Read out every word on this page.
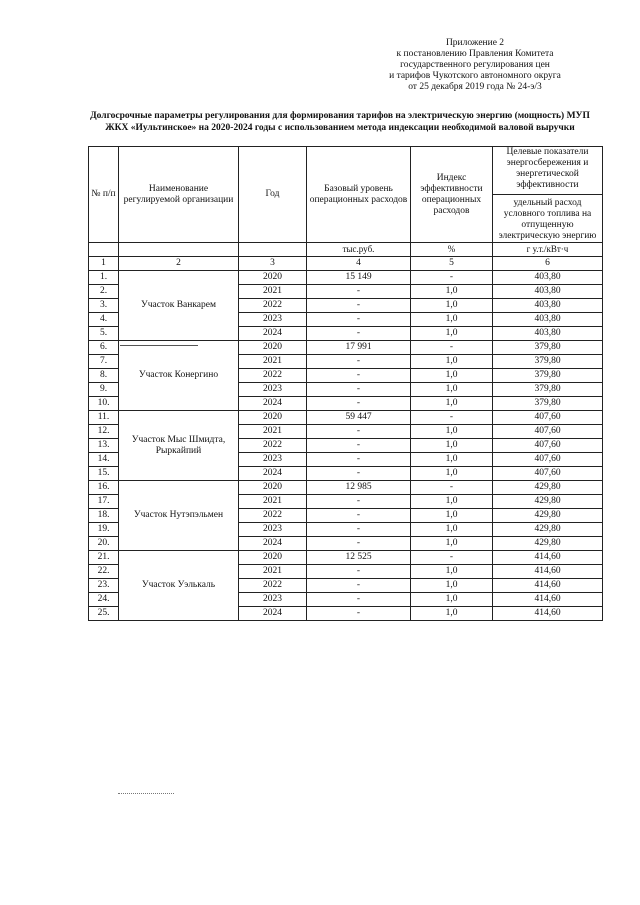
Приложение 2
к постановлению Правления Комитета
государственного регулирования цен
и тарифов Чукотского автономного округа
от 25 декабря 2019 года № 24-э/3
Долгосрочные параметры регулирования для формирования тарифов на электрическую энергию (мощность) МУП
ЖКХ «Иультинское» на 2020-2024 годы с использованием метода индексации необходимой валовой выручки
№ п/п	Наименование регулируемой организации	Год	Базовый уровень операционных расходов	Индекс эффективности операционных расходов	Целевые показатели энергосбережения и энергетической эффективности
удельный расход условного топлива на отпущенную электрическую энергию

			тыс.руб.	%	г у.т./кВт·ч
1	2	3	4	5	6
1.	Участок Ванкарем	2020	15 149	-	403,80
2.		2021	-	1,0	403,80
3.		2022	-	1,0	403,80
4.		2023	-	1,0	403,80
5.		2024	-	1,0	403,80
6.	Участок Конергино	2020	17 991	-	379,80
7.		2021	-	1,0	379,80
8.		2022	-	1,0	379,80
9.		2023	-	1,0	379,80
10.		2024	-	1,0	379,80
11.	Участок Мыс Шмидта, Рыркайпий	2020	59 447	-	407,60
12.		2021	-	1,0	407,60
13.		2022	-	1,0	407,60
14.		2023	-	1,0	407,60
15.		2024	-	1,0	407,60
16.	Участок Нутэпэльмен	2020	12 985	-	429,80
17.		2021	-	1,0	429,80
18.		2022	-	1,0	429,80
19.		2023	-	1,0	429,80
20.		2024	-	1,0	429,80
21.	Участок Уэлькаль	2020	12 525	-	414,60
22.		2021	-	1,0	414,60
23.		2022	-	1,0	414,60
24.		2023	-	1,0	414,60
25.		2024	-	1,0	414,60
